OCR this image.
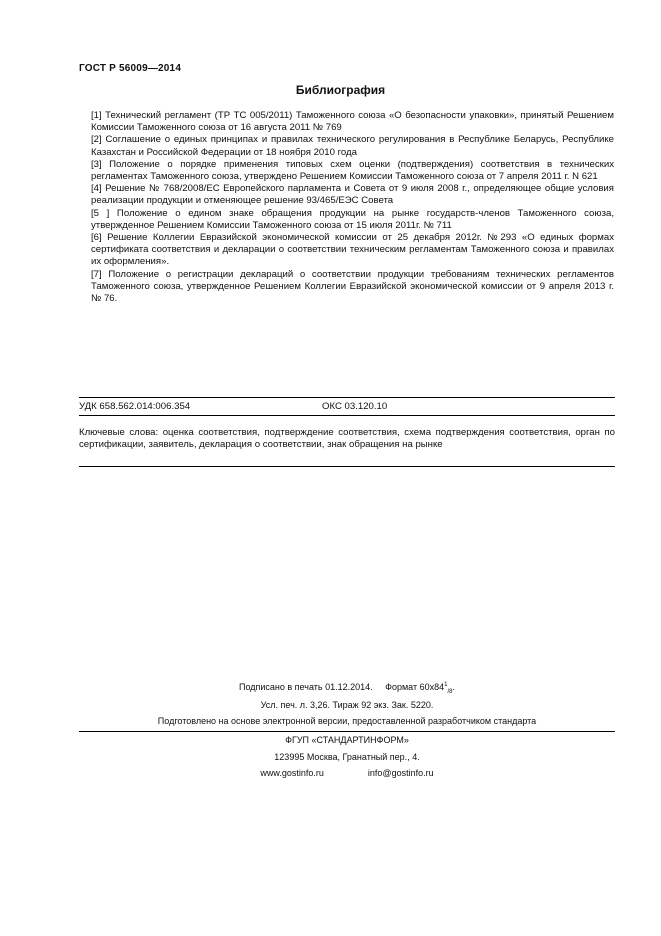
ГОСТ Р 56009—2014
Библиография

[1] Технический регламент (ТР ТС 005/2011) Таможенного союза «О безопасности упаковки», принятый Решением Комиссии Таможенного союза от 16 августа 2011 № 769

[2] Соглашение о единых принципах и правилах технического регулирования в Республике Беларусь, Республике Казахстан и Российской Федерации от 18 ноября 2010 года

[3] Положение о порядке применения типовых схем оценки (подтверждения) соответствия в технических регламентах Таможенного союза, утверждено Решением Комиссии Таможенного союза от 7 апреля 2011 г. N 621

[4] Решение № 768/2008/ЕС Европейского парламента и Совета от 9 июля 2008 г., определяющее общие условия реализации продукции и отменяющее решение 93/465/ЕЭС Совета

[5 ] Положение о едином знаке обращения продукции на рынке государств-членов Таможенного союза, утвержденное Решением Комиссии Таможенного союза от 15 июля 2011г. № 711

[6] Решение Коллегии Евразийской экономической комиссии от 25 декабря 2012г. №293 «О единых формах сертификата соответствия и декларации о соответствии техническим регламентам Таможенного союза и правилах их оформления».

[7] Положение о регистрации деклараций о соответствии продукции требованиям технических регламентов Таможенного союза, утвержденное Решением Коллегии Евразийской экономической комиссии от 9 апреля 2013 г. № 76.

УДК 658.562.014:006.354	ОКС 03.120.10
Ключевые слова: оценка соответствия, подтверждение соответствия, схема подтверждения соответствия, орган по сертификации, заявитель, декларация о соответствии, знак обращения на рынке
Подписано в печать 01.12.2014. Формат $60x84^1_{/8}$.
Усл. печ. л. 3,26. Тираж 92 экз. Зак. 5220.
Подготовлено на основе электронной версии, предоставленной разработчиком стандарта
ФГУП «СТАНДАРТИНФОРМ»
123995 Москва, Гранатный пер., 4.
www.gostinfo.ru	info@gostinfo.ru
